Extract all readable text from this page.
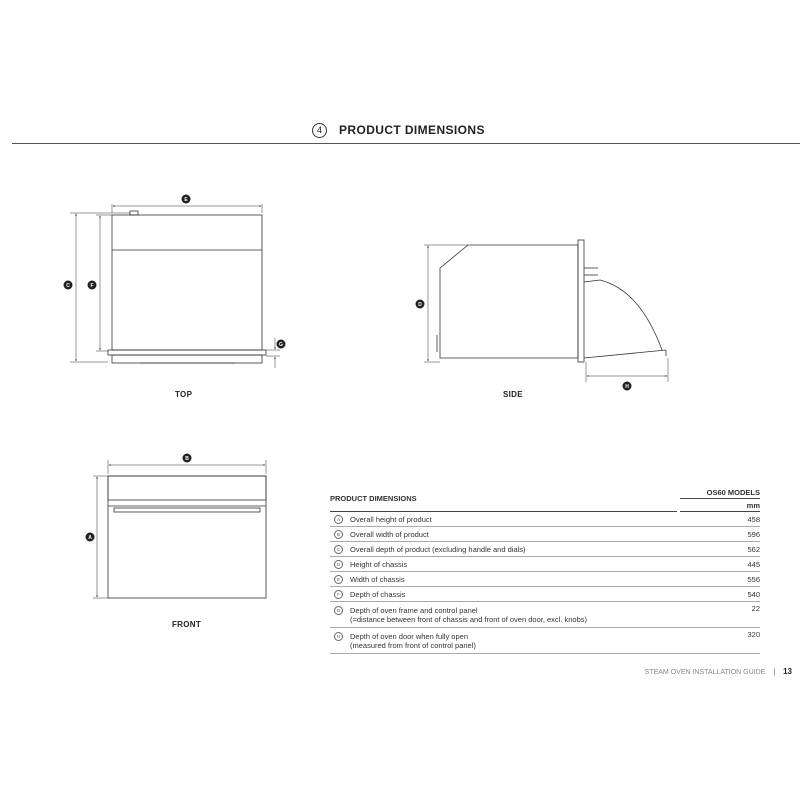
4	PRODUCT DIMENSIONS
E
C	F
G
D
H
B
A
TOP	SIDE
FRONT
PRODUCT DIMENSIONS			OS60 MODELS
			mm
A	Overall height of product		458
B	Overall width of product		596
C	Overall depth of product (excluding handle and dials)		562
D	Height of chassis		445
E	Width of chassis		556
F	Depth of chassis		540
G	Depth of oven frame and control panel
(=distance between front of chassis and front of oven door, excl. knobs)		22
H	Depth of oven door when fully open
(measured from front of control panel)		320
STEAM OVEN INSTALLATION GUIDE | 13
